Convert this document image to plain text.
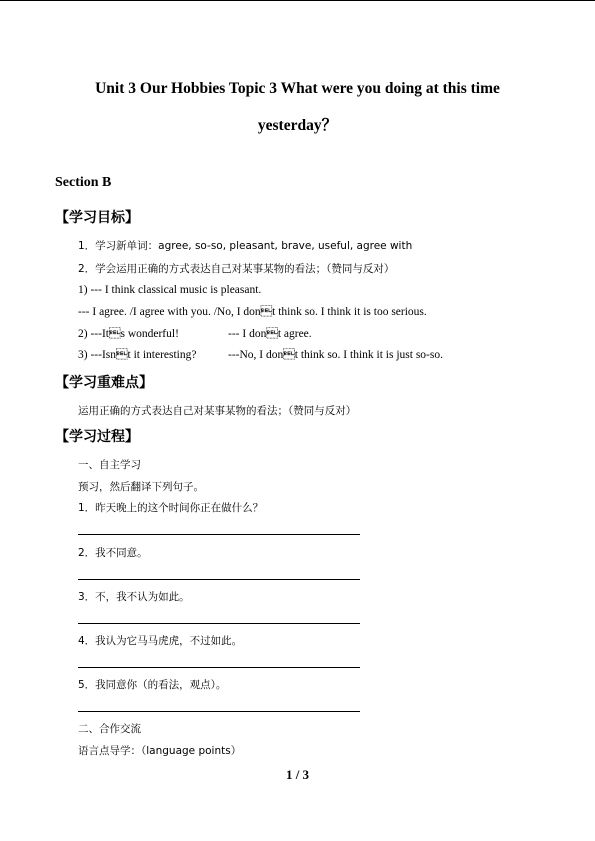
Unit 3 Our Hobbies Topic 3 What were you doing at this time
yesterday？
Section B
【学习目标】
1．学习新单词：agree, so-so, pleasant, brave, useful, agree with
2．学会运用正确的方式表达自己对某事某物的看法；（赞同与反对）
1) --- I think classical music is pleasant.
--- I agree. /I agree with you. /No, I dont think so. I think it is too serious.
2) ---Its wonderful!	--- I dont agree.
3) ---Isnt it interesting?	---No, I dont think so. I think it is just so-so.
【学习重难点】
运用正确的方式表达自己对某事某物的看法；（赞同与反对）
【学习过程】
一、自主学习
预习，然后翻译下列句子。
1．昨天晚上的这个时间你正在做什么？
2．我不同意。
3．不，我不认为如此。
4．我认为它马马虎虎，不过如此。
5．我同意你（的看法，观点）。
二、合作交流
语言点导学：（language points）
1 / 3
